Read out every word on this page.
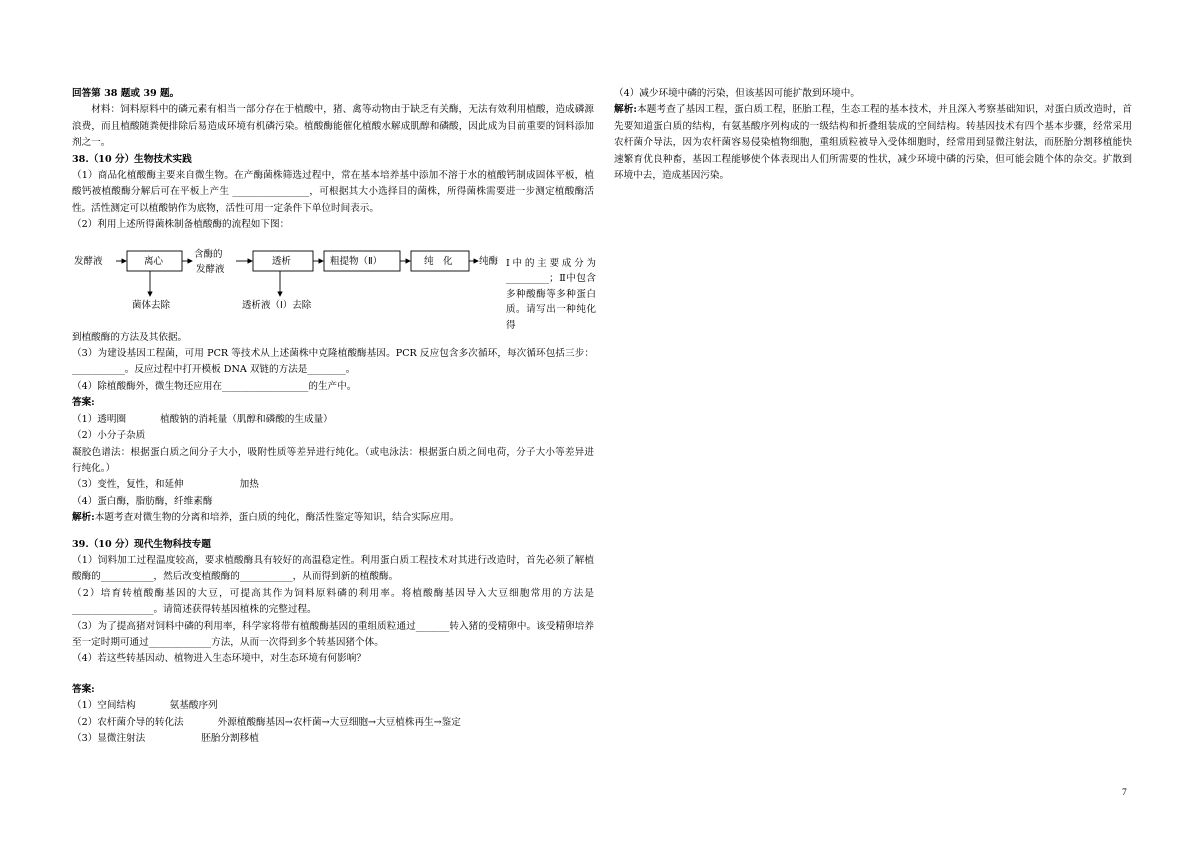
回答第 38 题或 39 题。

材料：饲料原料中的磷元素有相当一部分存在于植酸中，猪、禽等动物由于缺乏有关酶，无法有效利用植酸，造成磷源浪费，而且植酸随粪便排除后易造成环境有机磷污染。植酸酶能催化植酸水解成肌醇和磷酸，因此成为目前重要的饲料添加剂之一。

38.（10 分）生物技术实践

（1）商品化植酸酶主要来自微生物。在产酶菌株筛选过程中，常在基本培养基中添加不溶于水的植酸钙制成固体平板，植酸钙被植酸酶分解后可在平板上产生 ________________，可根据其大小选择目的菌株，所得菌株需要进一步测定植酸酶活性。活性测定可以植酸钠作为底物，活性可用一定条件下单位时间表示。

（2）利用上述所得菌株制备植酸酶的流程如下图：

发酵液	离心
含酶的
发酵液
透析	粗提物（Ⅱ）	纯　化	纯酶
菌体去除	透析液（Ⅰ）去除

Ⅰ中的主要成分为_________；Ⅱ中包含多种酸酶等多种蛋白质。请写出一种纯化得

到植酸酶的方法及其依据。

（3）为建设基因工程菌，可用 PCR 等技术从上述菌株中克隆植酸酶基因。PCR 反应包含多次循环，每次循环包括三步：___________。反应过程中打开模板 DNA 双链的方法是________。

（4）除植酸酶外，微生物还应用在__________________的生产中。

答案:

（1）透明圈	植酸钠的消耗量（肌醇和磷酸的生成量）

（2）小分子杂质

凝胶色谱法：根据蛋白质之间分子大小，吸附性质等差异进行纯化。（或电泳法：根据蛋白质之间电荷，分子大小等差异进行纯化。）

（3）变性，复性，和延伸	加热

（4）蛋白酶，脂肪酶，纤维素酶

解析:本题考查对微生物的分离和培养，蛋白质的纯化，酶活性鉴定等知识，结合实际应用。

39.（10 分）现代生物科技专题

（1）饲料加工过程温度较高，要求植酸酶具有较好的高温稳定性。利用蛋白质工程技术对其进行改造时，首先必须了解植酸酶的___________，然后改变植酸酶的___________，从而得到新的植酸酶。

（2）培育转植酸酶基因的大豆，可提高其作为饲料原料磷的利用率。将植酸酶基因导入大豆细胞常用的方法是_________________。请简述获得转基因植株的完整过程。

（3）为了提高猪对饲料中磷的利用率，科学家将带有植酸酶基因的重组质粒通过_______转入猪的受精卵中。该受精卵培养至一定时期可通过_____________方法，从而一次得到多个转基因猪个体。

（4）若这些转基因动、植物进入生态环境中，对生态环境有何影响？

答案:

（1）空间结构	氨基酸序列

（2）农杆菌介导的转化法	外源植酸酶基因→农杆菌→大豆细胞→大豆植株再生→鉴定

（3）显微注射法	胚胎分割移植

（4）减少环境中磷的污染，但该基因可能扩散到环境中。

解析:本题考查了基因工程，蛋白质工程，胚胎工程，生态工程的基本技术，并且深入考察基础知识，对蛋白质改造时，首先要知道蛋白质的结构，有氨基酸序列构成的一级结构和折叠组装成的空间结构。转基因技术有四个基本步骤，经常采用农杆菌介导法，因为农杆菌容易侵染植物细胞，重组质粒被导入受体细胞时，经常用到显微注射法，而胚胎分割移植能快速繁育优良种畜，基因工程能够使个体表现出人们所需要的性状，减少环境中磷的污染，但可能会随个体的杂交。扩散到环境中去，造成基因污染。

7
